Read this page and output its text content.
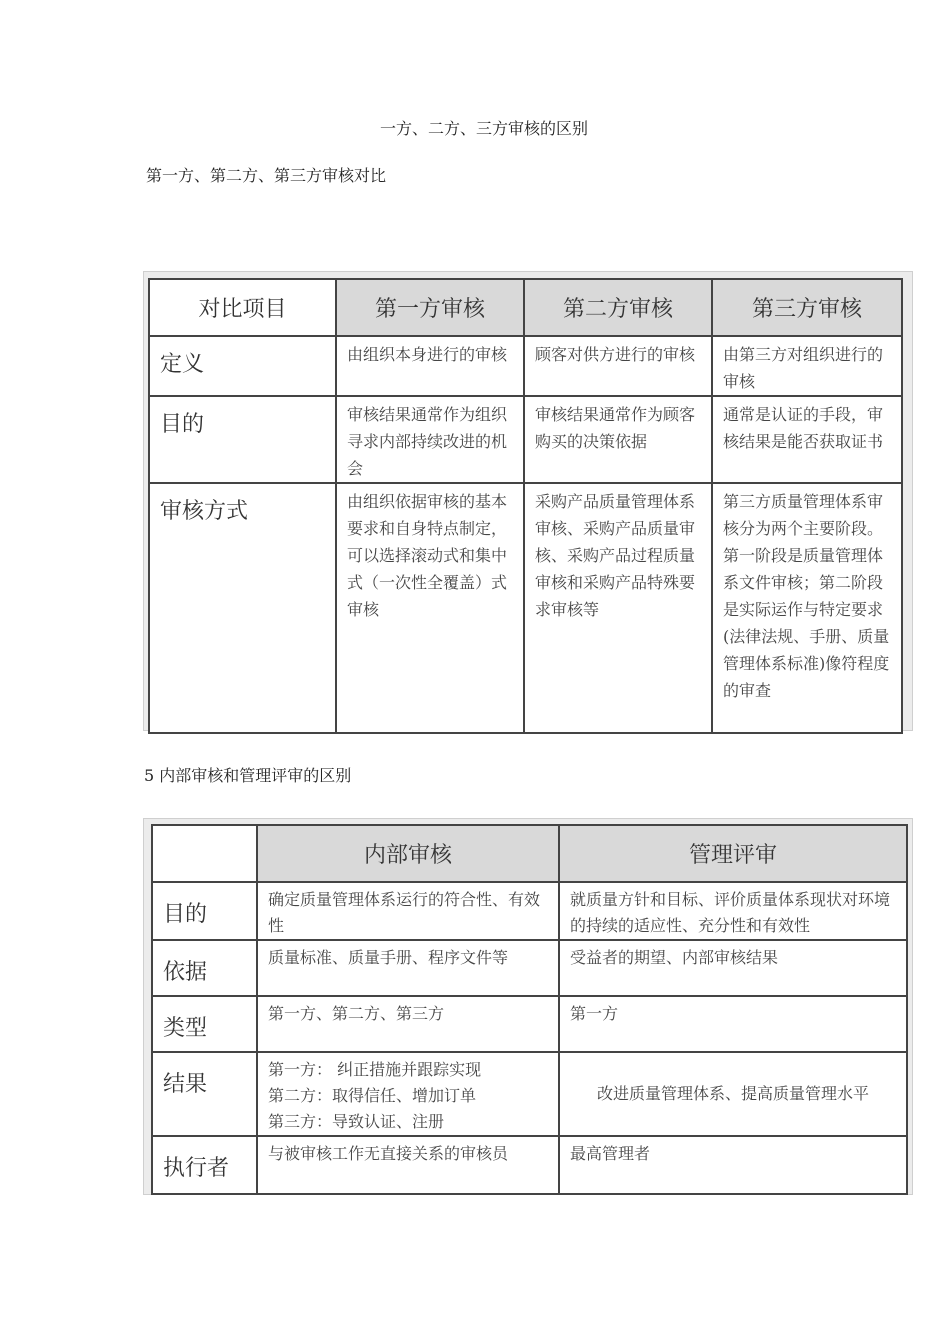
一方、二方、三方审核的区别
第一方、第二方、第三方审核对比
对比项目	第一方审核	第二方审核	第三方审核
定义	由组织本身进行的审核	顾客对供方进行的审核	由第三方对组织进行的审核
目的	审核结果通常作为组织寻求内部持续改进的机会	审核结果通常作为顾客购买的决策依据	通常是认证的手段，审核结果是能否获取证书
审核方式	由组织依据审核的基本要求和自身特点制定，可以选择滚动式和集中式（一次性全覆盖）式审核	采购产品质量管理体系审核、采购产品质量审核、采购产品过程质量审核和采购产品特殊要求审核等	第三方质量管理体系审核分为两个主要阶段。第一阶段是质量管理体系文件审核；第二阶段是实际运作与特定要求(法律法规、手册、质量管理体系标准)像符程度的审查
5 内部审核和管理评审的区别
	内部审核	管理评审
目的	确定质量管理体系运行的符合性、有效性	就质量方针和目标、评价质量体系现状对环境的持续的适应性、充分性和有效性
依据	质量标准、质量手册、程序文件等	受益者的期望、内部审核结果
类型	第一方、第二方、第三方	第一方
结果	第一方： 纠正措施并跟踪实现
第二方：取得信任、增加订单
第三方：导致认证、注册	改进质量管理体系、提高质量管理水平
执行者	与被审核工作无直接关系的审核员	最高管理者
